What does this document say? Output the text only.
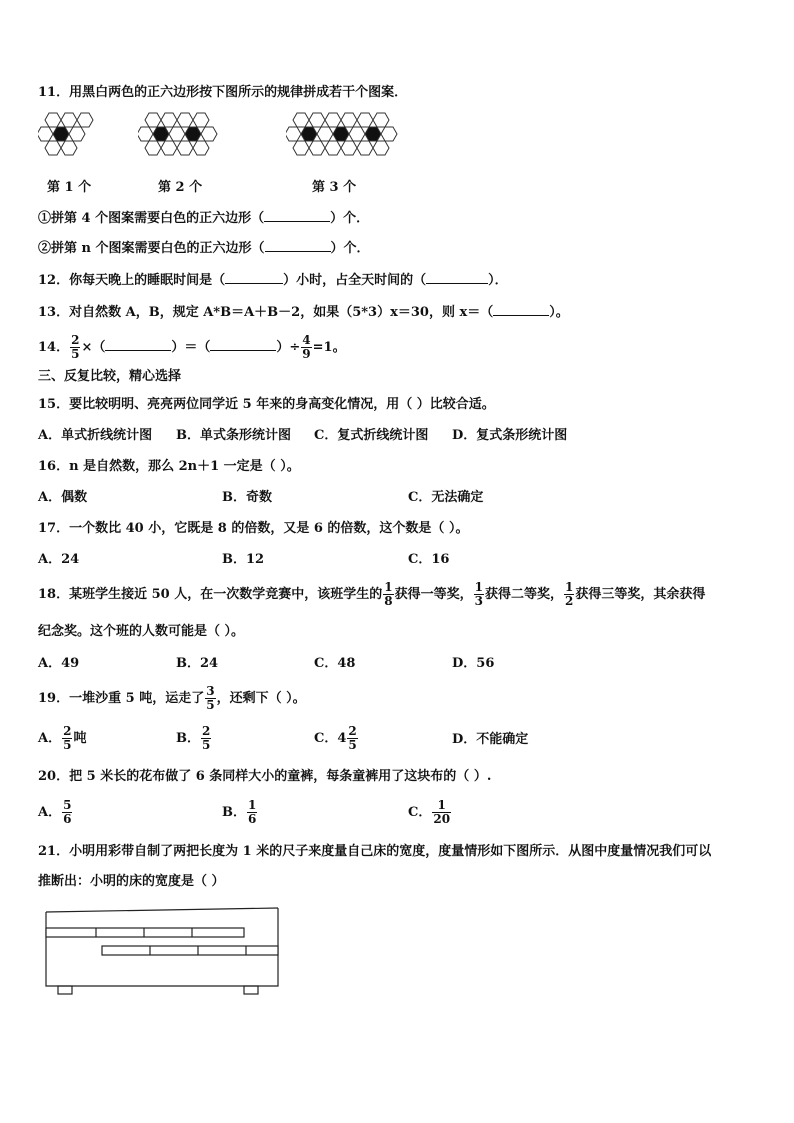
11．用黑白两色的正六边形按下图所示的规律拼成若干个图案．
第 1 个	第 2 个	第 3 个
①拼第 4 个图案需要白色的正六边形（	）个．
②拼第 n 个图案需要白色的正六边形（	）个．
12．你每天晚上的睡眠时间是（	）小时，占全天时间的（	）．
13．对自然数 A，B，规定 A*B＝A＋B－2，如果（5*3）x＝30，则 x＝（	）。
14． $\frac{2}{5}$ ×（	）＝（	）÷ $\frac{4}{9} =1$。
三、反复比较，精心选择
15．要比较明明、亮亮两位同学近 5 年来的身高变化情况，用（ ）比较合适。
A．单式折线统计图 B．单式条形统计图 C．复式折线统计图 D．复式条形统计图
16．n 是自然数，那么 2n＋1 一定是（ ）。
A．偶数	B．奇数	C．无法确定
17．一个数比 40 小，它既是 8 的倍数，又是 6 的倍数，这个数是（ ）。
A．24	B．12	C．16
18．某班学生接近 50 人，在一次数学竞赛中，该班学生的 $\frac{1}{8}$ 获得一等奖， $\frac{1}{3}$ 获得二等奖， $\frac{1}{2}$ 获得三等奖，其余获得
纪念奖。这个班的人数可能是（ ）。
A．49	B．24	C．48	D．56
19．一堆沙重 5 吨，运走了 $\frac{3}{5}$ ，还剩下（ ）。
A． $\frac{2}{5}$ 吨	B． $\frac{2}{5}$	C．$4 \frac{2}{5}$	D．不能确定
20．把 5 米长的花布做了 6 条同样大小的童裤，每条童裤用了这块布的（ ）.
A． $\frac{5}{6}$	B． $\frac{1}{6}$	C． $\frac{1}{20}$
21．小明用彩带自制了两把长度为 1 米的尺子来度量自己床的宽度，度量情形如下图所示．从图中度量情况我们可以
推断出：小明的床的宽度是（ ）
